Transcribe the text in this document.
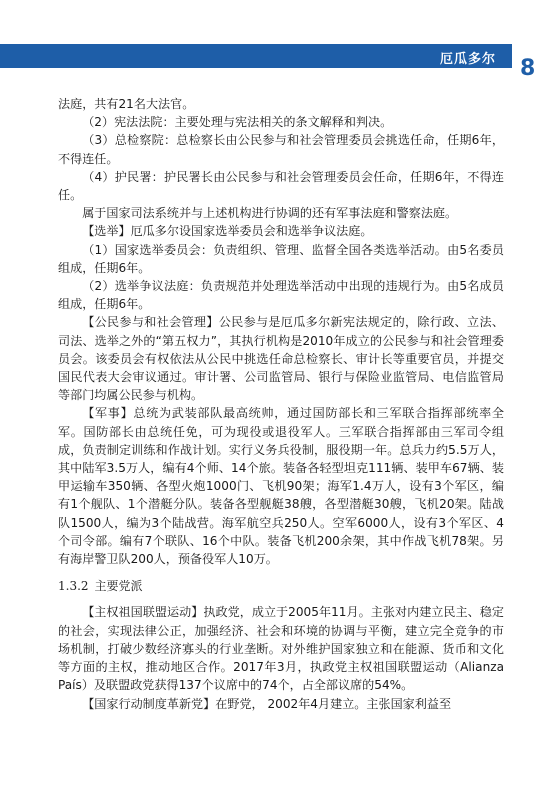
厄瓜多尔 8

法庭，共有21名大法官。

（2）宪法法院：主要处理与宪法相关的条文解释和判决。

（3）总检察院：总检察长由公民参与和社会管理委员会挑选任命，任期6年，不得连任。

（4）护民署：护民署长由公民参与和社会管理委员会任命，任期6年，不得连任。

属于国家司法系统并与上述机构进行协调的还有军事法庭和警察法庭。

【选举】厄瓜多尔设国家选举委员会和选举争议法庭。

（1）国家选举委员会：负责组织、管理、监督全国各类选举活动。由5名委员组成，任期6年。

（2）选举争议法庭：负责规范并处理选举活动中出现的违规行为。由5名成员组成，任期6年。

【公民参与和社会管理】公民参与是厄瓜多尔新宪法规定的，除行政、立法、司法、选举之外的“第五权力”，其执行机构是2010年成立的公民参与和社会管理委员会。该委员会有权依法从公民中挑选任命总检察长、审计长等重要官员，并提交国民代表大会审议通过。审计署、公司监管局、银行与保险业监管局、电信监管局等部门均属公民参与机构。

【军事】总统为武装部队最高统帅，通过国防部长和三军联合指挥部统率全军。国防部长由总统任免，可为现役或退役军人。三军联合指挥部由三军司令组成，负责制定训练和作战计划。实行义务兵役制，服役期一年。总兵力约5.5万人，其中陆军3.5万人，编有4个师、14个旅。装备各轻型坦克111辆、装甲车67辆、装甲运输车350辆、各型火炮1000门、飞机90架；海军1.4万人，设有3个军区，编有1个舰队、1个潜艇分队。装备各型舰艇38艘，各型潜艇30艘，飞机20架。陆战队1500人，编为3个陆战营。海军航空兵250人。空军6000人，设有3个军区、4个司令部。编有7个联队、16个中队。装备飞机200余架，其中作战飞机78架。另有海岸警卫队200人，预备役军人10万。

1.3.2 主要党派

【主权祖国联盟运动】执政党，成立于2005年11月。主张对内建立民主、稳定的社会，实现法律公正，加强经济、社会和环境的协调与平衡，建立完全竞争的市场机制，打破少数经济寡头的行业垄断。对外维护国家独立和在能源、货币和文化等方面的主权，推动地区合作。2017年3月，执政党主权祖国联盟运动（Alianza País）及联盟政党获得137个议席中的74个，占全部议席的54%。

【国家行动制度革新党】在野党， 2002年4月建立。主张国家利益至
